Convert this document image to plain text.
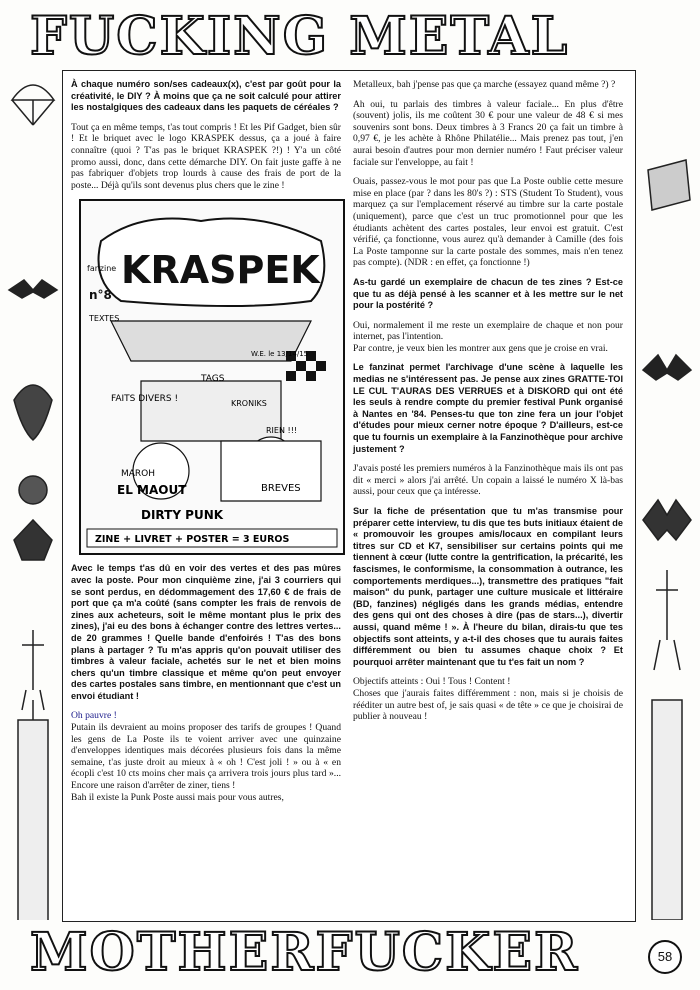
FUCKING METAL

À chaque numéro son/ses cadeaux(x), c'est par goût pour la créativité, le DIY ? À moins que ça ne soit calculé pour attirer les nostalgiques des cadeaux dans les paquets de céréales ?

Tout ça en même temps, t'as tout compris ! Et les Pif Gadget, bien sûr ! Et le briquet avec le logo KRASPEK dessus, ça a joué à faire connaître (quoi ? T'as pas le briquet KRASPEK ?!) ! Y'a un côté promo aussi, donc, dans cette démarche DIY. On fait juste gaffe à ne pas fabriquer d'objets trop lourds à cause des frais de port de la poste... Déjà qu'ils sont devenus plus chers que le zine !

KRASPEK
fanzine
n°8
TEXTES
TAGS
FAITS DIVERS !	KRONIKS
RIEN !!!
MAROH
EL MAOUT	BREVES
DIRTY PUNK
W.E. le 13/14/15
ZINE + LIVRET + POSTER = 3 EUROS

Avec le temps t'as dû en voir des vertes et des pas mûres avec la poste. Pour mon cinquième zine, j'ai 3 courriers qui se sont perdus, en dédommagement des 17,60 € de frais de port que ça m'a coûté (sans compter les frais de renvois de zines aux acheteurs, soit le même montant plus le prix des zines), j'ai eu des bons à échanger contre des lettres vertes... de 20 grammes ! Quelle bande d'enfoirés ! T'as des bons plans à partager ? Tu m'as appris qu'on pouvait utiliser des timbres à valeur faciale, achetés sur le net et bien moins chers qu'un timbre classique et même qu'on peut envoyer des cartes postales sans timbre, en mentionnant que c'est un envoi étudiant !

Oh pauvre !
Putain ils devraient au moins proposer des tarifs de groupes ! Quand les gens de La Poste ils te voient arriver avec une quinzaine d'enveloppes identiques mais décorées plusieurs fois dans la même semaine, t'as juste droit au mieux à « oh ! C'est joli ! » ou à « en écopli c'est 10 cts moins cher mais ça arrivera trois jours plus tard »... Encore une raison d'arrêter de ziner, tiens !
Bah il existe la Punk Poste aussi mais pour vous autres,

Metalleux, bah j'pense pas que ça marche (essayez quand même ?) ?

Ah oui, tu parlais des timbres à valeur faciale... En plus d'être (souvent) jolis, ils me coûtent 30 € pour une valeur de 48 € si mes souvenirs sont bons. Deux timbres à 3 Francs 20 ça fait un timbre à 0,97 €, je les achète à Rhône Philatélie... Mais prenez pas tout, j'en aurai besoin d'autres pour mon dernier numéro ! Faut préciser valeur faciale sur l'enveloppe, au fait !

Ouais, passez-vous le mot pour pas que La Poste oublie cette mesure mise en place (par ? dans les 80's ?) : STS (Student To Student), vous marquez ça sur l'emplacement réservé au timbre sur la carte postale (uniquement), parce que c'est un truc promotionnel pour que les étudiants achètent des cartes postales, leur envoi est gratuit. C'est vérifié, ça fonctionne, vous aurez qu'à demander à Camille (des fois La Poste tamponne sur la carte postale des sommes, mais n'en tenez pas compte). (NDR : en effet, ça fonctionne !)

As-tu gardé un exemplaire de chacun de tes zines ? Est-ce que tu as déjà pensé à les scanner et à les mettre sur le net pour la postérité ?

Oui, normalement il me reste un exemplaire de chaque et non pour internet, pas l'intention.
Par contre, je veux bien les montrer aux gens que je croise en vrai.

Le fanzinat permet l'archivage d'une scène à laquelle les medias ne s'intéressent pas. Je pense aux zines GRATTE-TOI LE CUL T'AURAS DES VERRUES et à DISKORD qui ont été les seuls à rendre compte du premier festival Punk organisé à Nantes en '84. Penses-tu que ton zine fera un jour l'objet d'études pour mieux cerner notre époque ? D'ailleurs, est-ce que tu fournis un exemplaire à la Fanzinothèque pour archive justement ?

J'avais posté les premiers numéros à la Fanzinothèque mais ils ont pas dit « merci » alors j'ai arrêté. Un copain a laissé le numéro X là-bas aussi, pour ceux que ça intéresse.

Sur la fiche de présentation que tu m'as transmise pour préparer cette interview, tu dis que tes buts initiaux étaient de « promouvoir les groupes amis/locaux en compilant leurs titres sur CD et K7, sensibiliser sur certains points qui me tiennent à cœur (lutte contre la gentrification, la précarité, les fascismes, le conformisme, la consommation à outrance, les comportements merdiques...), transmettre des pratiques "fait maison" du punk, partager une culture musicale et littéraire (BD, fanzines) négligés dans les grands médias, entendre des gens qui ont des choses à dire (pas de stars...), divertir aussi, quand même ! ». À l'heure du bilan, dirais-tu que tes objectifs sont atteints, y a-t-il des choses que tu aurais faites différemment ou bien tu assumes chaque choix ? Et pourquoi arrêter maintenant que tu t'es fait un nom ?

Objectifs atteints : Oui ! Tous ! Content !
Choses que j'aurais faites différemment : non, mais si je choisis de rééditer un autre best of, je sais quasi « de tête » ce que je choisirai de publier à nouveau !

MOTHERFUCKER	58
